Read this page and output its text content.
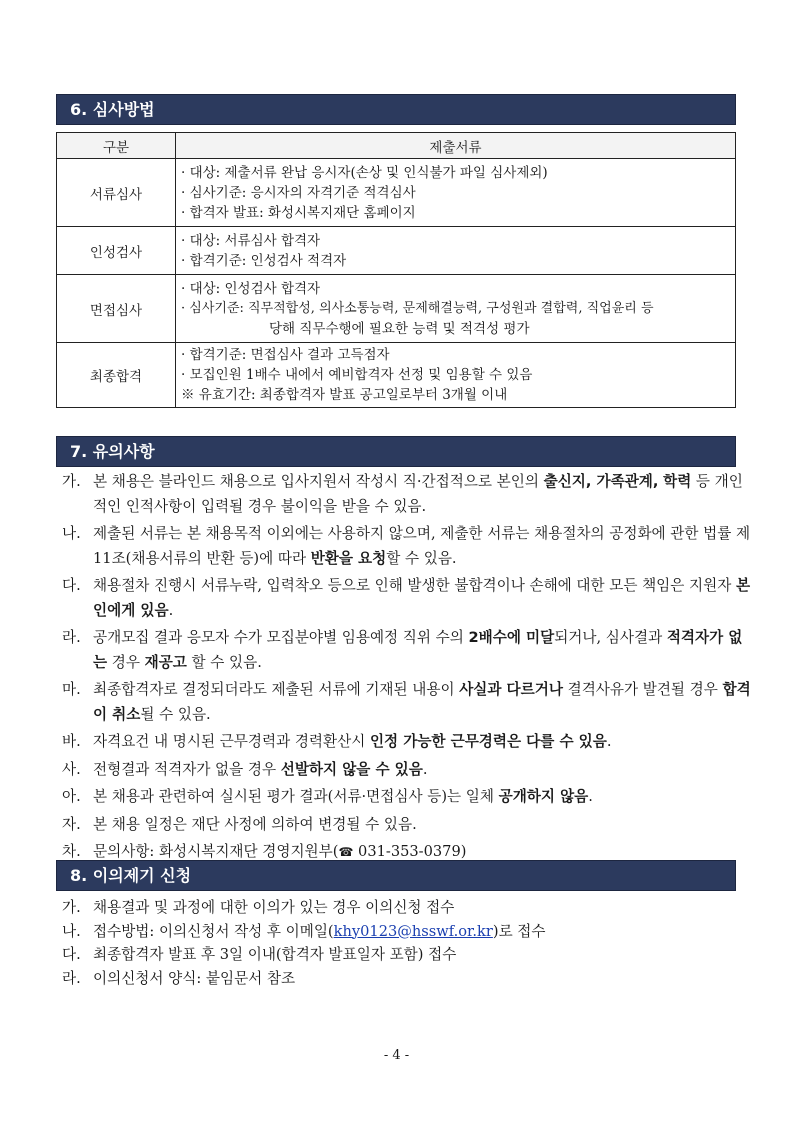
6. 심사방법
구분	제출서류
서류심사	· 대상: 제출서류 완납 응시자(손상 및 인식불가 파일 심사제외)
· 심사기준: 응시자의 자격기준 적격심사
· 합격자 발표: 화성시복지재단 홈페이지

인성검사	· 대상: 서류심사 합격자
· 합격기준: 인성검사 적격자

면접심사	· 대상: 인성검사 합격자
· 심사기준: 직무적합성, 의사소통능력, 문제해결능력, 구성원과 결합력, 직업윤리 등
당해 직무수행에 필요한 능력 및 적격성 평가

최종합격	· 합격기준: 면접심사 결과 고득점자
· 모집인원 1배수 내에서 예비합격자 선정 및 임용할 수 있음
※ 유효기간: 최종합격자 발표 공고일로부터 3개월 이내
7. 유의사항
가. 본 채용은 블라인드 채용으로 입사지원서 작성시 직·간접적으로 본인의 출신지, 가족관계, 학력 등 개인적인 인적사항이 입력될 경우 불이익을 받을 수 있음.
나. 제출된 서류는 본 채용목적 이외에는 사용하지 않으며, 제출한 서류는 채용절차의 공정화에 관한 법률 제11조(채용서류의 반환 등)에 따라 반환을 요청할 수 있음.
다. 채용절차 진행시 서류누락, 입력착오 등으로 인해 발생한 불합격이나 손해에 대한 모든 책임은 지원자 본인에게 있음.
라. 공개모집 결과 응모자 수가 모집분야별 임용예정 직위 수의 2배수에 미달되거나, 심사결과 적격자가 없는 경우 재공고 할 수 있음.
마. 최종합격자로 결정되더라도 제출된 서류에 기재된 내용이 사실과 다르거나 결격사유가 발견될 경우 합격이 취소될 수 있음.
바. 자격요건 내 명시된 근무경력과 경력환산시 인정 가능한 근무경력은 다를 수 있음.
사. 전형결과 적격자가 없을 경우 선발하지 않을 수 있음.
아. 본 채용과 관련하여 실시된 평가 결과(서류·면접심사 등)는 일체 공개하지 않음.
자. 본 채용 일정은 재단 사정에 의하여 변경될 수 있음.
차. 문의사항: 화성시복지재단 경영지원부(☎ 031-353-0379)
8. 이의제기 신청
가. 채용결과 및 과정에 대한 이의가 있는 경우 이의신청 접수
나. 접수방법: 이의신청서 작성 후 이메일(khy0123@hsswf.or.kr)로 접수
다. 최종합격자 발표 후 3일 이내(합격자 발표일자 포함) 접수
라. 이의신청서 양식: 붙임문서 참조
- 4 -
